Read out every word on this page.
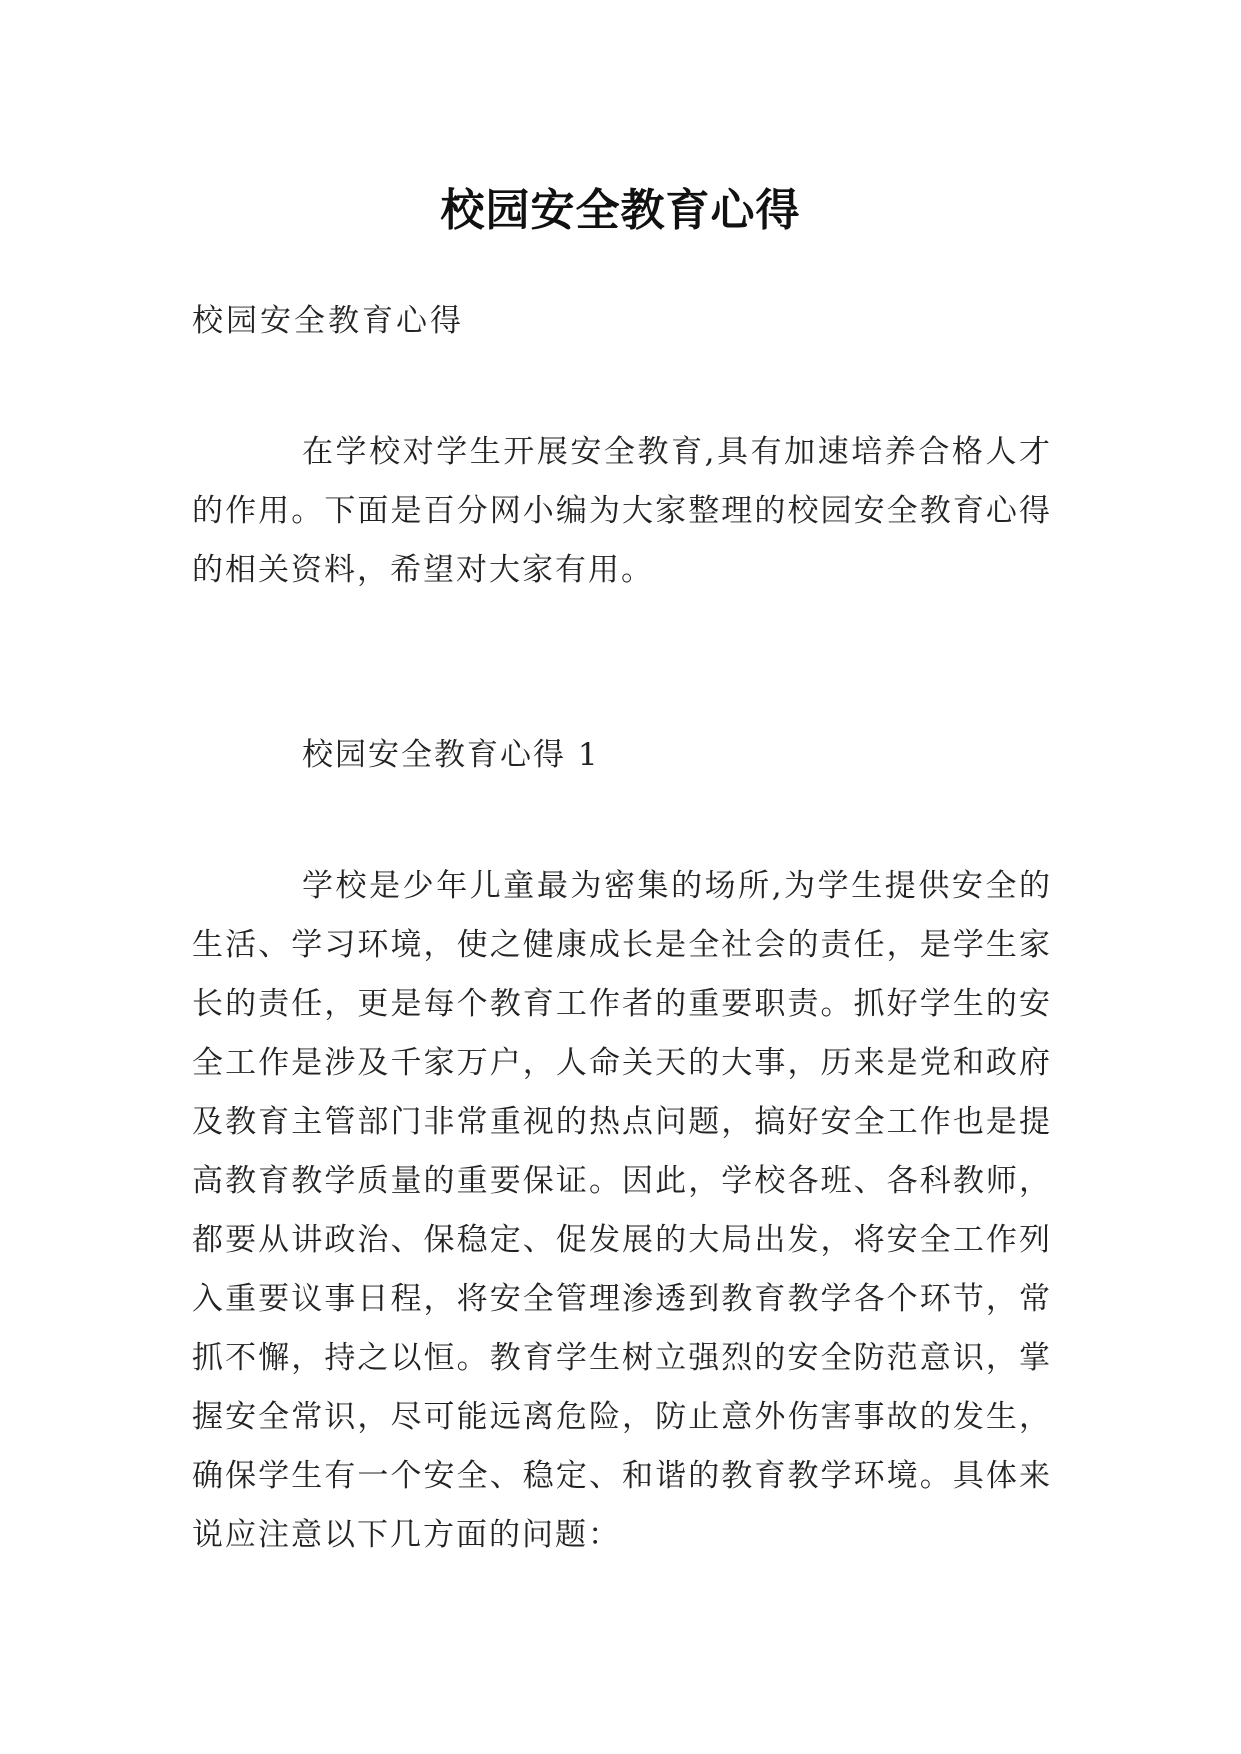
校园安全教育心得

校园安全教育心得

在学校对学生开展安全教育,具有加速培养合格人才的作用。下面是百分网小编为大家整理的校园安全教育心得的相关资料，希望对大家有用。

校园安全教育心得 1

学校是少年儿童最为密集的场所,为学生提供安全的生活、学习环境，使之健康成长是全社会的责任，是学生家长的责任，更是每个教育工作者的重要职责。抓好学生的安全工作是涉及千家万户，人命关天的大事，历来是党和政府及教育主管部门非常重视的热点问题，搞好安全工作也是提高教育教学质量的重要保证。因此，学校各班、各科教师，都要从讲政治、保稳定、促发展的大局出发，将安全工作列入重要议事日程，将安全管理渗透到教育教学各个环节，常抓不懈，持之以恒。教育学生树立强烈的安全防范意识，掌握安全常识，尽可能远离危险，防止意外伤害事故的发生，确保学生有一个安全、稳定、和谐的教育教学环境。具体来说应注意以下几方面的问题：
